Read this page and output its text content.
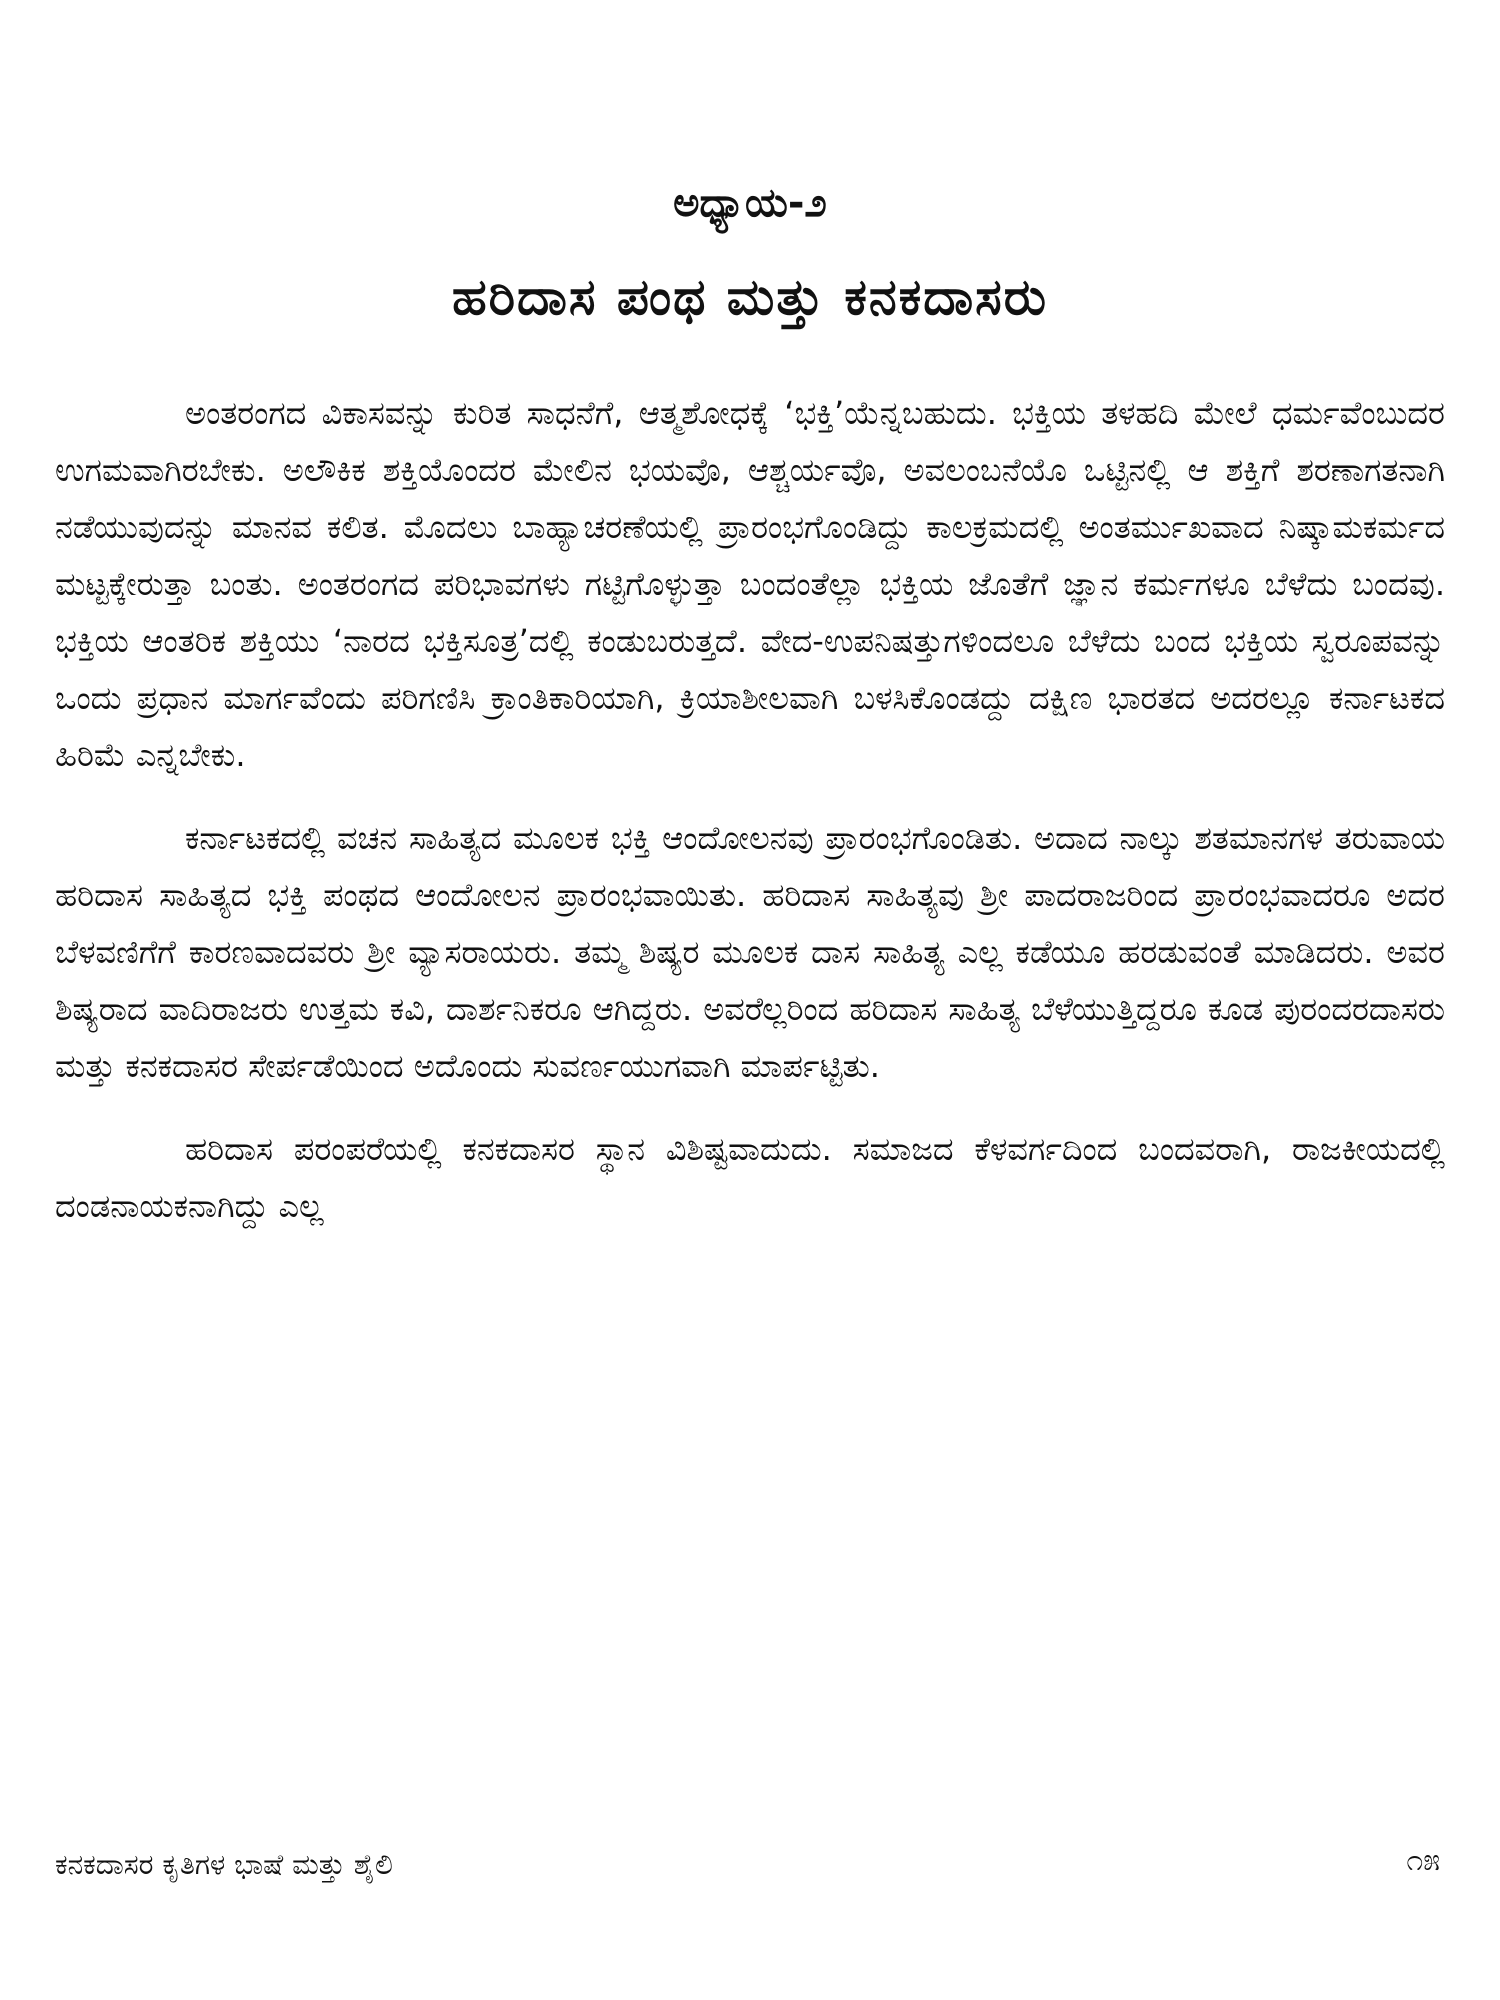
ಅಧ್ಯಾಯ-೨
ಹರಿದಾಸ ಪಂಥ ಮತ್ತು ಕನಕದಾಸರು

ಅಂತರಂಗದ ವಿಕಾಸವನ್ನು ಕುರಿತ ಸಾಧನೆಗೆ, ಆತ್ಮಶೋಧಕ್ಕೆ ‘ಭಕ್ತಿ’ಯೆನ್ನಬಹುದು. ಭಕ್ತಿಯ ತಳಹದಿ ಮೇಲೆ ಧರ್ಮವೆಂಬುದರ ಉಗಮವಾಗಿರಬೇಕು. ಅಲೌಕಿಕ ಶಕ್ತಿಯೊಂದರ ಮೇಲಿನ ಭಯವೊ, ಆಶ್ಚರ್ಯವೊ, ಅವಲಂಬನೆಯೊ ಒಟ್ಟಿನಲ್ಲಿ ಆ ಶಕ್ತಿಗೆ ಶರಣಾಗತನಾಗಿ ನಡೆಯುವುದನ್ನು ಮಾನವ ಕಲಿತ. ಮೊದಲು ಬಾಹ್ಯಾಚರಣೆಯಲ್ಲಿ ಪ್ರಾರಂಭಗೊಂಡಿದ್ದು ಕಾಲಕ್ರಮದಲ್ಲಿ ಅಂತರ್ಮುಖವಾದ ನಿಷ್ಕಾಮಕರ್ಮದ ಮಟ್ಟಕ್ಕೇರುತ್ತಾ ಬಂತು. ಅಂತರಂಗದ ಪರಿಭಾವಗಳು ಗಟ್ಟಿಗೊಳ್ಳುತ್ತಾ ಬಂದಂತೆಲ್ಲಾ ಭಕ್ತಿಯ ಜೊತೆಗೆ ಜ್ಞಾನ ಕರ್ಮಗಳೂ ಬೆಳೆದು ಬಂದವು. ಭಕ್ತಿಯ ಆಂತರಿಕ ಶಕ್ತಿಯು ‘ನಾರದ ಭಕ್ತಿಸೂತ್ರ’ದಲ್ಲಿ ಕಂಡುಬರುತ್ತದೆ. ವೇದ-ಉಪನಿಷತ್ತುಗಳಿಂದಲೂ ಬೆಳೆದು ಬಂದ ಭಕ್ತಿಯ ಸ್ವರೂಪವನ್ನು ಒಂದು ಪ್ರಧಾನ ಮಾರ್ಗವೆಂದು ಪರಿಗಣಿಸಿ ಕ್ರಾಂತಿಕಾರಿಯಾಗಿ, ಕ್ರಿಯಾಶೀಲವಾಗಿ ಬಳಸಿಕೊಂಡದ್ದು ದಕ್ಷಿಣ ಭಾರತದ ಅದರಲ್ಲೂ ಕರ್ನಾಟಕದ ಹಿರಿಮೆ ಎನ್ನಬೇಕು.

ಕರ್ನಾಟಕದಲ್ಲಿ ವಚನ ಸಾಹಿತ್ಯದ ಮೂಲಕ ಭಕ್ತಿ ಆಂದೋಲನವು ಪ್ರಾರಂಭಗೊಂಡಿತು. ಅದಾದ ನಾಲ್ಕು ಶತಮಾನಗಳ ತರುವಾಯ ಹರಿದಾಸ ಸಾಹಿತ್ಯದ ಭಕ್ತಿ ಪಂಥದ ಆಂದೋಲನ ಪ್ರಾರಂಭವಾಯಿತು. ಹರಿದಾಸ ಸಾಹಿತ್ಯವು ಶ್ರೀ ಪಾದರಾಜರಿಂದ ಪ್ರಾರಂಭವಾದರೂ ಅದರ ಬೆಳವಣಿಗೆಗೆ ಕಾರಣವಾದವರು ಶ್ರೀ ವ್ಯಾಸರಾಯರು. ತಮ್ಮ ಶಿಷ್ಯರ ಮೂಲಕ ದಾಸ ಸಾಹಿತ್ಯ ಎಲ್ಲ ಕಡೆಯೂ ಹರಡುವಂತೆ ಮಾಡಿದರು. ಅವರ ಶಿಷ್ಯರಾದ ವಾದಿರಾಜರು ಉತ್ತಮ ಕವಿ, ದಾರ್ಶನಿಕರೂ ಆಗಿದ್ದರು. ಅವರೆಲ್ಲರಿಂದ ಹರಿದಾಸ ಸಾಹಿತ್ಯ ಬೆಳೆಯುತ್ತಿದ್ದರೂ ಕೂಡ ಪುರಂದರದಾಸರು ಮತ್ತು ಕನಕದಾಸರ ಸೇರ್ಪಡೆಯಿಂದ ಅದೊಂದು ಸುವರ್ಣಯುಗವಾಗಿ ಮಾರ್ಪಟ್ಟಿತು.

ಹರಿದಾಸ ಪರಂಪರೆಯಲ್ಲಿ ಕನಕದಾಸರ ಸ್ಥಾನ ವಿಶಿಷ್ಟವಾದುದು. ಸಮಾಜದ ಕೆಳವರ್ಗದಿಂದ ಬಂದವರಾಗಿ, ರಾಜಕೀಯದಲ್ಲಿ ದಂಡನಾಯಕನಾಗಿದ್ದು ಎಲ್ಲ

ಕನಕದಾಸರ ಕೃತಿಗಳ ಭಾಷೆ ಮತ್ತು ಶೈಲಿ	೧೫
